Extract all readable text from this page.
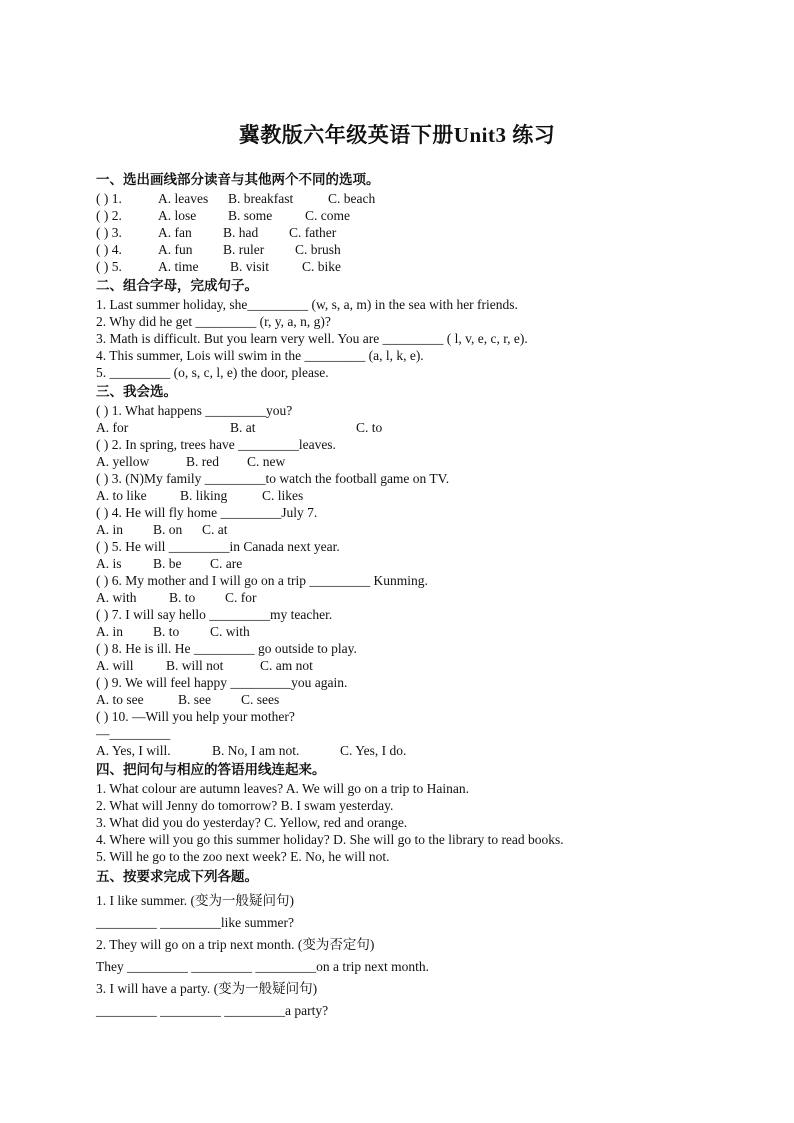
冀教版六年级英语下册Unit3 练习
一、选出画线部分读音与其他两个不同的选项。
( ) 1.	A. leaves	B. breakfast	C. beach
( ) 2.	A. lose	B. some	C. come
( ) 3.	A. fan	B. had	C. father
( ) 4.	A. fun	B. ruler	C. brush
( ) 5.	A. time	B. visit	C. bike
二、组合字母，完成句子。
1. Last summer holiday, she_________ (w, s, a, m) in the sea with her friends.
2. Why did he get _________ (r, y, a, n, g)?
3. Math is difficult. But you learn very well. You are _________ ( l, v, e, c, r, e).
4. This summer, Lois will swim in the _________ (a, l, k, e).
5. _________ (o, s, c, l, e) the door, please.
三、我会选。
( ) 1. What happens _________you?
A. for	B. at	C. to
( ) 2. In spring, trees have _________leaves.
A. yellow	B. red	C. new
( ) 3. (N)My family _________to watch the football game on TV.
A. to like	B. liking	C. likes
( ) 4. He will fly home _________July 7.
A. in	B. on	C. at
( ) 5. He will _________in Canada next year.
A. is	B. be	C. are
( ) 6. My mother and I will go on a trip _________ Kunming.
A. with	B. to	C. for
( ) 7. I will say hello _________my teacher.
A. in	B. to	C. with
( ) 8. He is ill. He _________ go outside to play.
A. will	B. will not	C. am not
( ) 9. We will feel happy _________you again.
A. to see	B. see	C. sees
( ) 10. —Will you help your mother?
—_________
A. Yes, I will.	B. No, I am not.	C. Yes, I do.
四、把问句与相应的答语用线连起来。
1. What colour are autumn leaves? A. We will go on a trip to Hainan.
2. What will Jenny do tomorrow? B. I swam yesterday.
3. What did you do yesterday? C. Yellow, red and orange.
4. Where will you go this summer holiday? D. She will go to the library to read books.
5. Will he go to the zoo next week? E. No, he will not.
五、按要求完成下列各题。
1. I like summer. (变为一般疑问句)
_________ _________like summer?
2. They will go on a trip next month. (变为否定句)
They _________ _________ _________on a trip next month.
3. I will have a party. (变为一般疑问句)
_________ _________ _________a party?
